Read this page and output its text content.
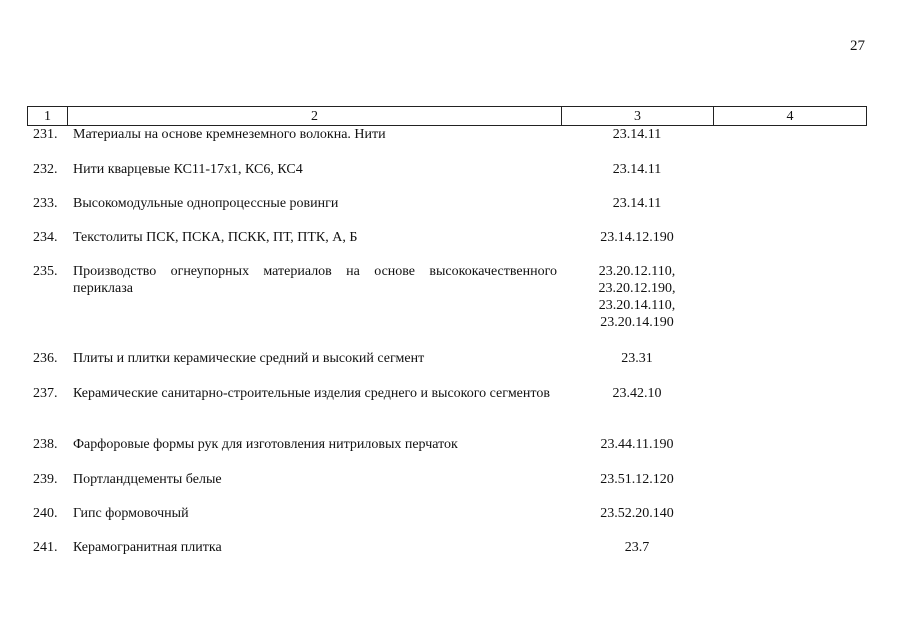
27
1	2	3	4
231.	Материалы на основе кремнеземного волокна. Нити	23.14.11
232.	Нити кварцевые КС11-17х1, КС6, КС4	23.14.11
233.	Высокомодульные однопроцессные ровинги	23.14.11
234.	Текстолиты ПСК, ПСКА, ПСКК, ПТ, ПТК, А, Б	23.14.12.190
235.	Производство огнеупорных материалов на основе высококачественного периклаза
23.20.12.110,
23.20.12.190,
23.20.14.110,
23.20.14.190
236.	Плиты и плитки керамические средний и высокий сегмент	23.31
237.	Керамические санитарно-строительные изделия среднего и высокого сегментов	23.42.10
238.	Фарфоровые формы рук для изготовления нитриловых перчаток	23.44.11.190
239.	Портландцементы белые	23.51.12.120
240.	Гипс формовочный	23.52.20.140
241.	Керамогранитная плитка	23.7
